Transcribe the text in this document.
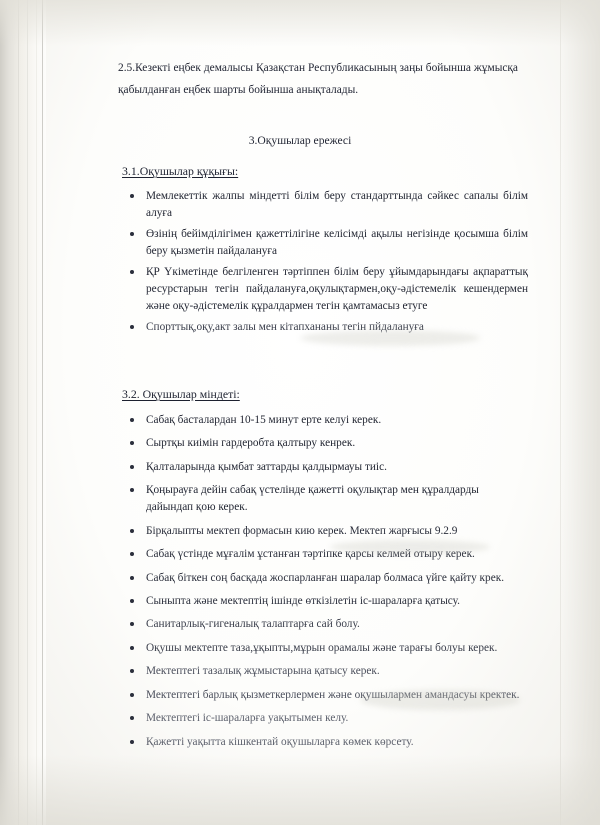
2.5.Кезекті еңбек демалысы Қазақстан Республикасының заңы бойынша жұмысқа қабылданған еңбек шарты бойынша анықталады.
3.Оқушылар ережесі
3.1.Оқушылар құқығы:
Мемлекеттік жалпы міндетті білім беру стандарттында сәйкес сапалы білім алуға
Өзінің бейімділігімен қажеттілігіне келісімді ақылы негізінде қосымша білім беру қызметін пайдалануға
ҚР Үкіметінде белгіленген тәртіппен білім беру ұйымдарындағы ақпараттық ресурстарын тегін пайдалануға,оқулықтармен,оқу-әдістемелік кешендермен және оқу-әдістемелік құралдармен тегін қамтамасыз етуге
Спорттық,оқу,акт залы мен кітапхананы тегін пйдалануға
3.2. Оқушылар міндеті:
Сабақ басталардан 10-15 минут ерте келуі керек.
Сыртқы киімін гардеробта қалтыру кенрек.
Қалталарында қымбат заттарды қалдырмауы тиіс.
Қоңырауға дейін сабақ үстелінде қажетті оқулықтар мен құралдарды дайындап қою керек.
Бірқалыпты мектеп формасын кию керек. Мектеп жарғысы 9.2.9
Сабақ үстінде мұғалім ұстанған тәртіпке қарсы келмей отыру керек.
Сабақ біткен соң басқада жоспарланған шаралар болмаса үйге қайту крек.
Сыныпта және мектептің ішінде өткізілетін іс-шараларға қатысу.
Санитарлық-гигеналық талаптарға сай болу.
Оқушы мектепте таза,ұқыпты,мұрын орамалы және тарағы болуы керек.
Мектептегі тазалық жұмыстарына қатысу керек.
Мектептегі барлық қызметкерлермен және оқушылармен амандасуы кректек.
Мектептегі іс-шараларға уақытымен келу.
Қажетті уақытта кішкентай оқушыларға көмек көрсету.
